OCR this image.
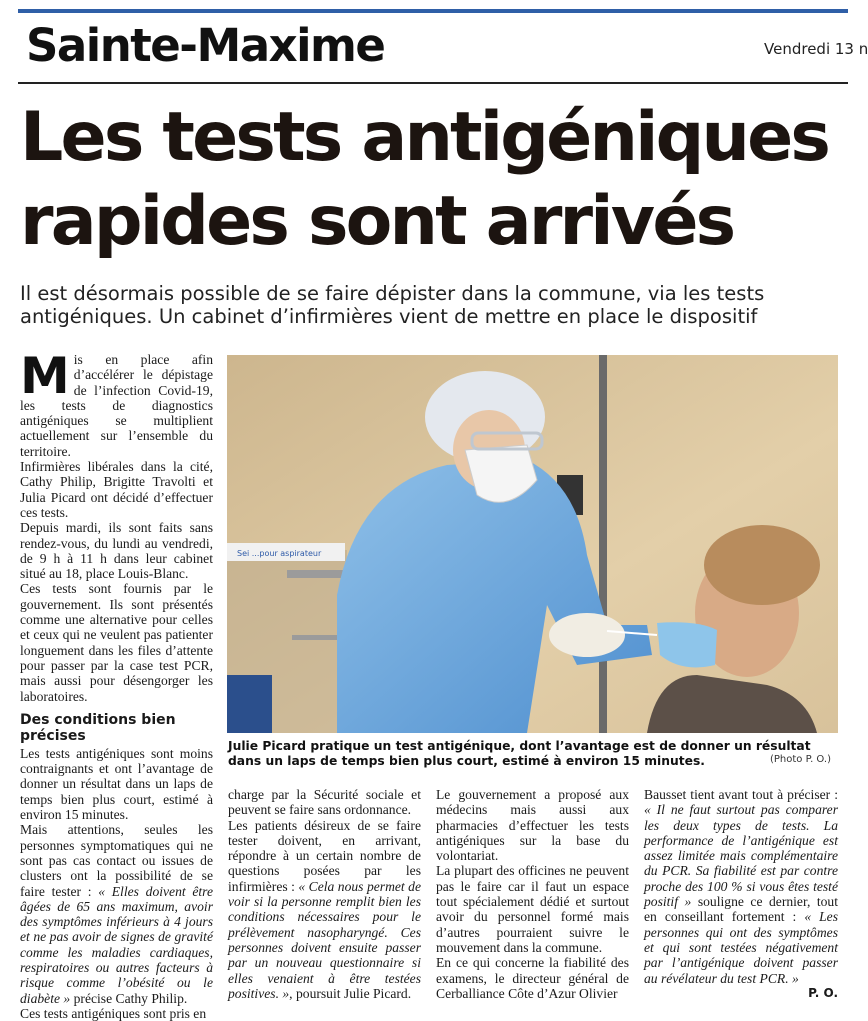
Sainte-Maxime	Vendredi 13 n
Les tests antigéniques
rapides sont arrivés
Il est désormais possible de se faire dépister dans la commune, via les tests
antigéniques. Un cabinet d’infirmières vient de mettre en place le dispositif

Mis en place afin d’accélérer le dépistage de l’infection Covid-19, les tests de diagnostics antigéniques se multiplient actuellement sur l’ensemble du territoire.

Infirmières libérales dans la cité, Cathy Philip, Brigitte Travolti et Julia Picard ont décidé d’effectuer ces tests.

Depuis mardi, ils sont faits sans rendez-vous, du lundi au vendredi, de 9 h à 11 h dans leur cabinet situé au 18, place Louis-Blanc.

Ces tests sont fournis par le gouvernement. Ils sont présentés comme une alternative pour celles et ceux qui ne veulent pas patienter longuement dans les files d’attente pour passer par la case test PCR, mais aussi pour désengorger les laboratoires.

Des conditions bien précises

Les tests antigéniques sont moins contraignants et ont l’avantage de donner un résultat dans un laps de temps bien plus court, estimé à environ 15 minutes.

Mais attentions, seules les personnes symptomatiques qui ne sont pas cas contact ou issues de clusters ont la possibilité de se faire tester : « Elles doivent être âgées de 65 ans maximum, avoir des symptômes inférieurs à 4 jours et ne pas avoir de signes de gravité comme les maladies cardiaques, respiratoires ou autres facteurs à risque comme l’obésité ou le diabète » précise Cathy Philip.

Ces tests antigéniques sont pris en

Sei ...pour aspirateur
Julie Picard pratique un test antigénique, dont l’avantage est de donner un résultat dans un laps de temps bien plus court, estimé à environ 15 minutes.	(Photo P. O.)

charge par la Sécurité sociale et peuvent se faire sans ordonnance.

Les patients désireux de se faire tester doivent, en arrivant, répondre à un certain nombre de questions posées par les infirmières : « Cela nous permet de voir si la personne remplit bien les conditions nécessaires pour le prélèvement nasopharyngé. Ces personnes doivent ensuite passer par un nouveau questionnaire si elles venaient à être testées positives. », poursuit Julie Picard.

Le gouvernement a proposé aux médecins mais aussi aux pharmacies d’effectuer les tests antigéniques sur la base du volontariat.

La plupart des officines ne peuvent pas le faire car il faut un espace tout spécialement dédié et surtout avoir du personnel formé mais d’autres pourraient suivre le mouvement dans la commune.

En ce qui concerne la fiabilité des examens, le directeur général de Cerballiance Côte d’Azur Olivier

Bausset tient avant tout à préciser : « Il ne faut surtout pas comparer les deux types de tests. La performance de l’antigénique est assez limitée mais complémentaire du PCR. Sa fiabilité est par contre proche des 100 % si vous êtes testé positif » souligne ce dernier, tout en conseillant fortement : « Les personnes qui ont des symptômes et qui sont testées négativement par l’antigénique doivent passer au révélateur du test PCR. »

P. O.
